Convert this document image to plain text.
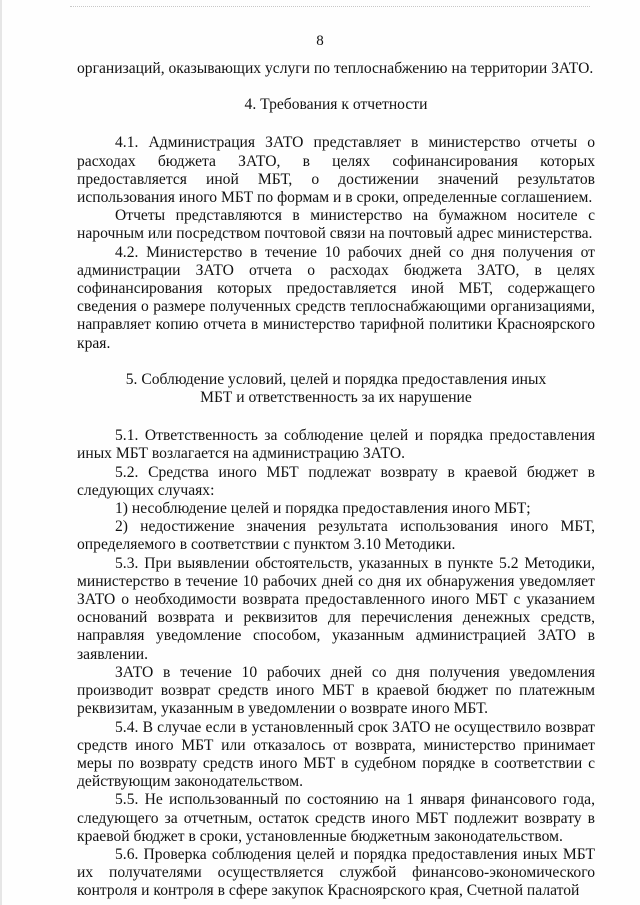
8

организаций, оказывающих услуги по теплоснабжению на территории ЗАТО.

4. Требования к отчетности

4.1. Администрация ЗАТО представляет в министерство отчеты о расходах бюджета ЗАТО, в целях софинансирования которых предоставляется иной МБТ, о достижении значений результатов использования иного МБТ по формам и в сроки, определенные соглашением.

Отчеты представляются в министерство на бумажном носителе с нарочным или посредством почтовой связи на почтовый адрес министерства.

4.2. Министерство в течение 10 рабочих дней со дня получения от администрации ЗАТО отчета о расходах бюджета ЗАТО, в целях софинансирования которых предоставляется иной МБТ, содержащего сведения о размере полученных средств теплоснабжающими организациями, направляет копию отчета в министерство тарифной политики Красноярского края.

5. Соблюдение условий, целей и порядка предоставления иных

МБТ и ответственность за их нарушение

5.1. Ответственность за соблюдение целей и порядка предоставления иных МБТ возлагается на администрацию ЗАТО.

5.2. Средства иного МБТ подлежат возврату в краевой бюджет в следующих случаях:

1) несоблюдение целей и порядка предоставления иного МБТ;

2) недостижение значения результата использования иного МБТ, определяемого в соответствии с пунктом 3.10 Методики.

5.3. При выявлении обстоятельств, указанных в пункте 5.2 Методики, министерство в течение 10 рабочих дней со дня их обнаружения уведомляет ЗАТО о необходимости возврата предоставленного иного МБТ с указанием оснований возврата и реквизитов для перечисления денежных средств, направляя уведомление способом, указанным администрацией ЗАТО в заявлении.

ЗАТО в течение 10 рабочих дней со дня получения уведомления производит возврат средств иного МБТ в краевой бюджет по платежным реквизитам, указанным в уведомлении о возврате иного МБТ.

5.4. В случае если в установленный срок ЗАТО не осуществило возврат средств иного МБТ или отказалось от возврата, министерство принимает меры по возврату средств иного МБТ в судебном порядке в соответствии с действующим законодательством.

5.5. Не использованный по состоянию на 1 января финансового года, следующего за отчетным, остаток средств иного МБТ подлежит возврату в краевой бюджет в сроки, установленные бюджетным законодательством.

5.6. Проверка соблюдения целей и порядка предоставления иных МБТ их получателями осуществляется службой финансово-экономического контроля и контроля в сфере закупок Красноярского края, Счетной палатой
